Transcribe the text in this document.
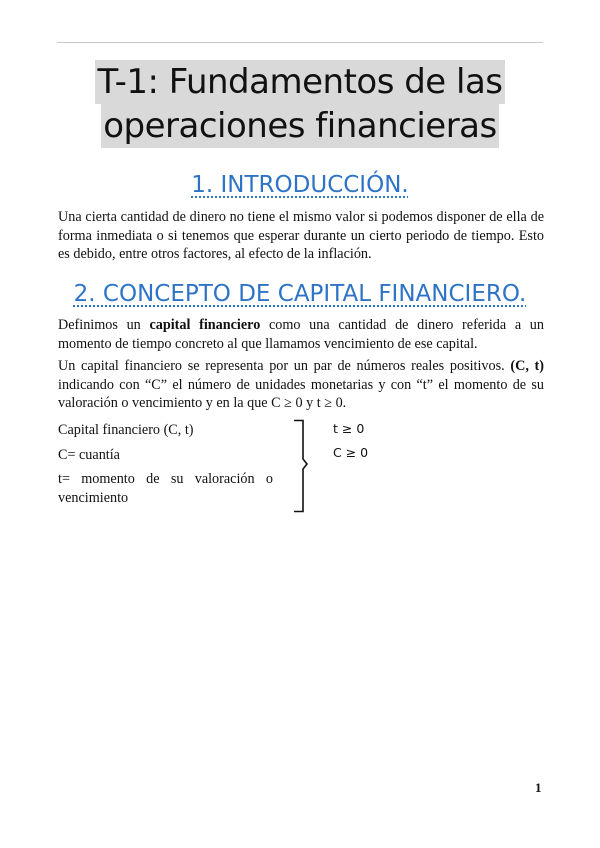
T-1: Fundamentos de las
operaciones financieras
1. INTRODUCCIÓN.

Una cierta cantidad de dinero no tiene el mismo valor si podemos disponer de ella de forma inmediata o si tenemos que esperar durante un cierto periodo de tiempo. Esto es debido, entre otros factores, al efecto de la inflación.

2. CONCEPTO DE CAPITAL FINANCIERO.

Definimos un capital financiero como una cantidad de dinero referida a un momento de tiempo concreto al que llamamos vencimiento de ese capital.

Un capital financiero se representa por un par de números reales positivos. (C, t) indicando con “C” el número de unidades monetarias y con “t” el momento de su valoración o vencimiento y en la que C ≥ 0 y t ≥ 0.

Capital financiero (C, t)

C= cuantía

t= momento de su valoración o vencimiento

t ≥ 0
C ≥ 0
1
